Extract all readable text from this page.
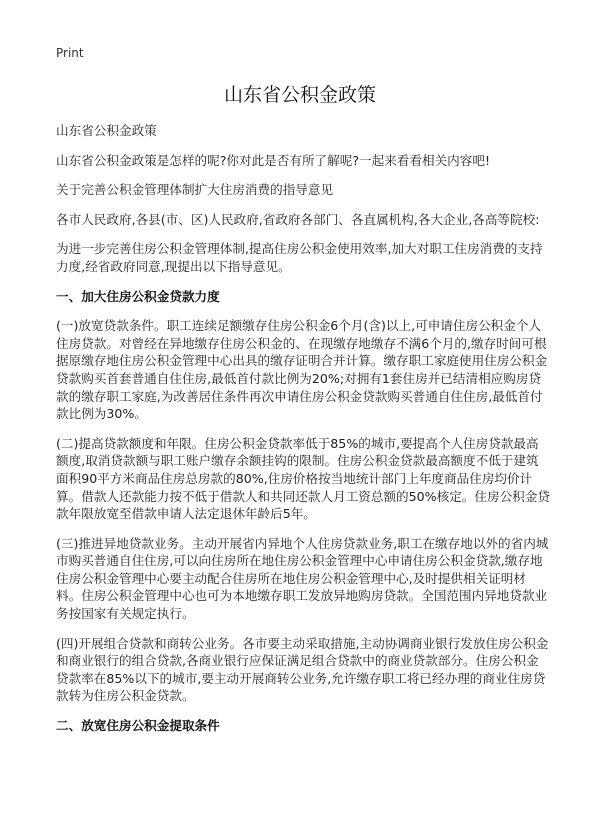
Print
山东省公积金政策

山东省公积金政策

山东省公积金政策是怎样的呢?你对此是否有所了解呢?一起来看看相关内容吧!

关于完善公积金管理体制扩大住房消费的指导意见

各市人民政府,各县(市、区)人民政府,省政府各部门、各直属机构,各大企业,各高等院校:

为进一步完善住房公积金管理体制,提高住房公积金使用效率,加大对职工住房消费的支持力度,经省政府同意,现提出以下指导意见。

一、加大住房公积金贷款力度

(一)放宽贷款条件。职工连续足额缴存住房公积金6个月(含)以上,可申请住房公积金个人住房贷款。对曾经在异地缴存住房公积金的、在现缴存地缴存不满6个月的,缴存时间可根据原缴存地住房公积金管理中心出具的缴存证明合并计算。缴存职工家庭使用住房公积金贷款购买首套普通自住住房,最低首付款比例为20%;对拥有1套住房并已结清相应购房贷款的缴存职工家庭,为改善居住条件再次申请住房公积金贷款购买普通自住住房,最低首付款比例为30%。

(二)提高贷款额度和年限。住房公积金贷款率低于85%的城市,要提高个人住房贷款最高额度,取消贷款额与职工账户缴存余额挂钩的限制。住房公积金贷款最高额度不低于建筑面积90平方米商品住房总房款的80%,住房价格按当地统计部门上年度商品住房均价计算。借款人还款能力按不低于借款人和共同还款人月工资总额的50%核定。住房公积金贷款年限放宽至借款申请人法定退休年龄后5年。

(三)推进异地贷款业务。主动开展省内异地个人住房贷款业务,职工在缴存地以外的省内城市购买普通自住住房,可以向住房所在地住房公积金管理中心申请住房公积金贷款,缴存地住房公积金管理中心要主动配合住房所在地住房公积金管理中心,及时提供相关证明材料。住房公积金管理中心也可为本地缴存职工发放异地购房贷款。全国范围内异地贷款业务按国家有关规定执行。

(四)开展组合贷款和商转公业务。各市要主动采取措施,主动协调商业银行发放住房公积金和商业银行的组合贷款,各商业银行应保证满足组合贷款中的商业贷款部分。住房公积金贷款率在85%以下的城市,要主动开展商转公业务,允许缴存职工将已经办理的商业住房贷款转为住房公积金贷款。

二、放宽住房公积金提取条件
